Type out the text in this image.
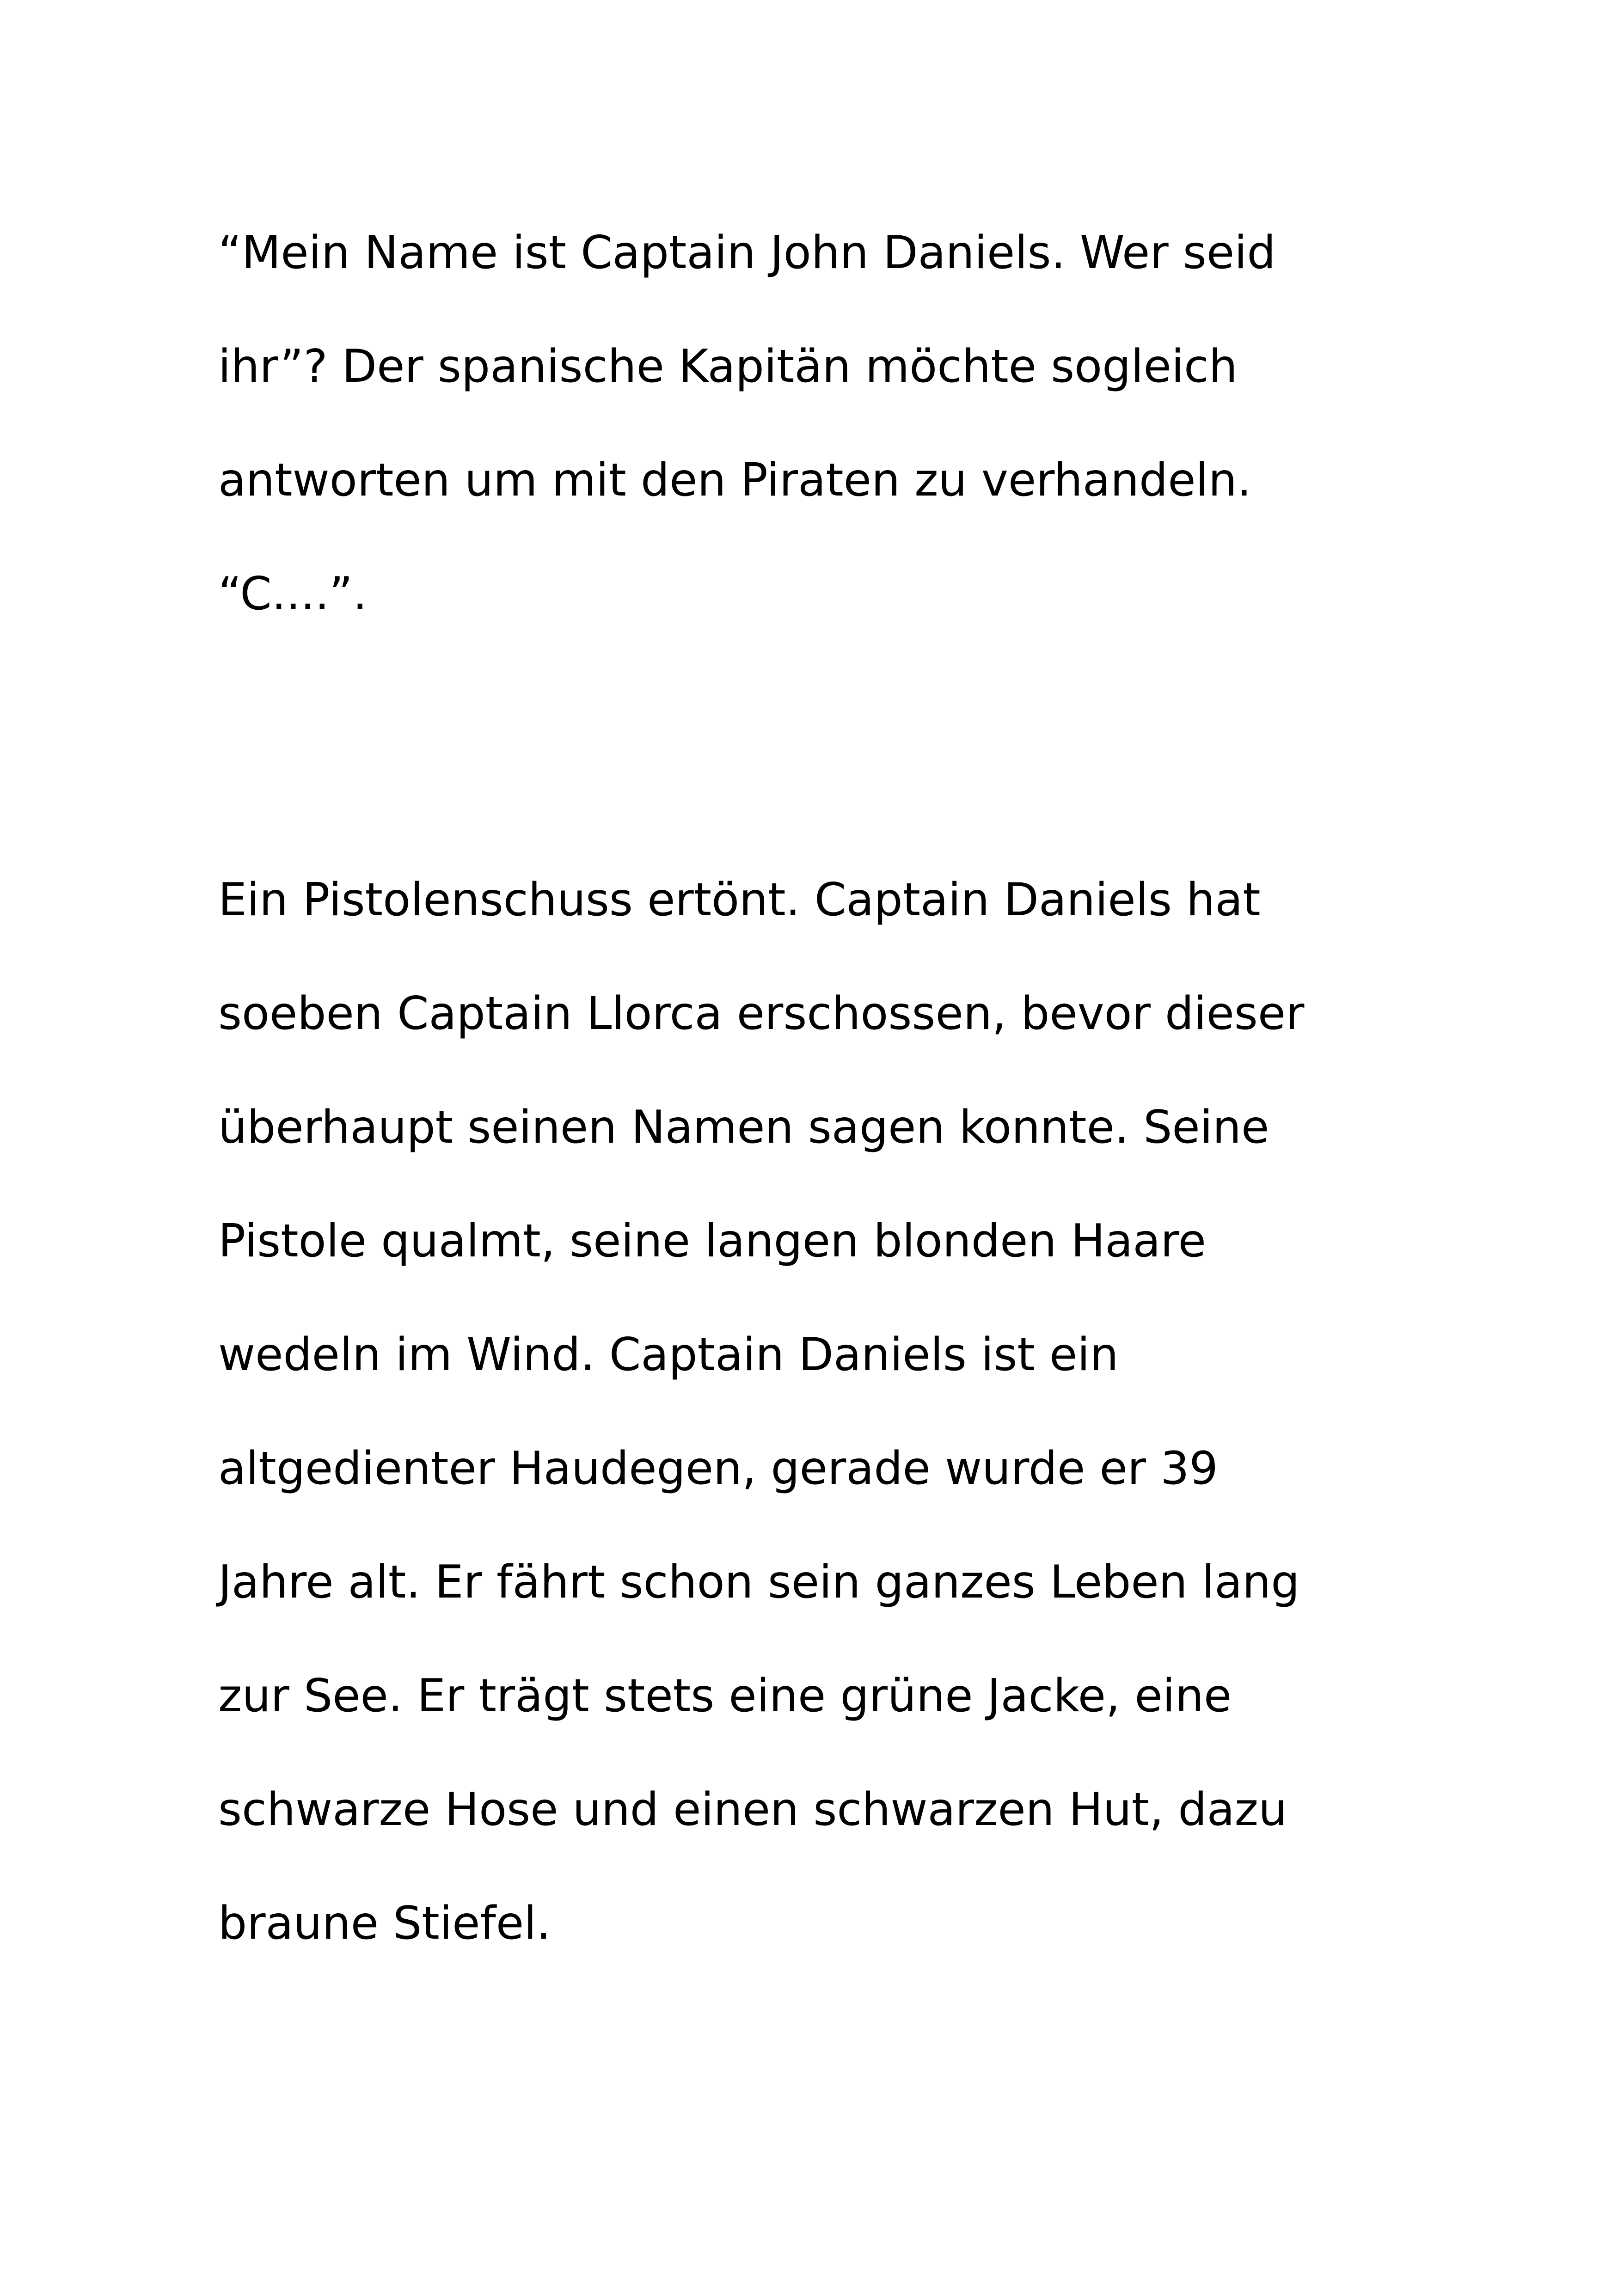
“Mein Name ist Captain John Daniels. Wer seid
ihr”? Der spanische Kapitän möchte sogleich
antworten um mit den Piraten zu verhandeln.
“C....”.
Ein Pistolenschuss ertönt. Captain Daniels hat
soeben Captain Llorca erschossen, bevor dieser
überhaupt seinen Namen sagen konnte. Seine
Pistole qualmt, seine langen blonden Haare
wedeln im Wind. Captain Daniels ist ein
altgedienter Haudegen, gerade wurde er 39
Jahre alt. Er fährt schon sein ganzes Leben lang
zur See. Er trägt stets eine grüne Jacke, eine
schwarze Hose und einen schwarzen Hut, dazu
braune Stiefel.
